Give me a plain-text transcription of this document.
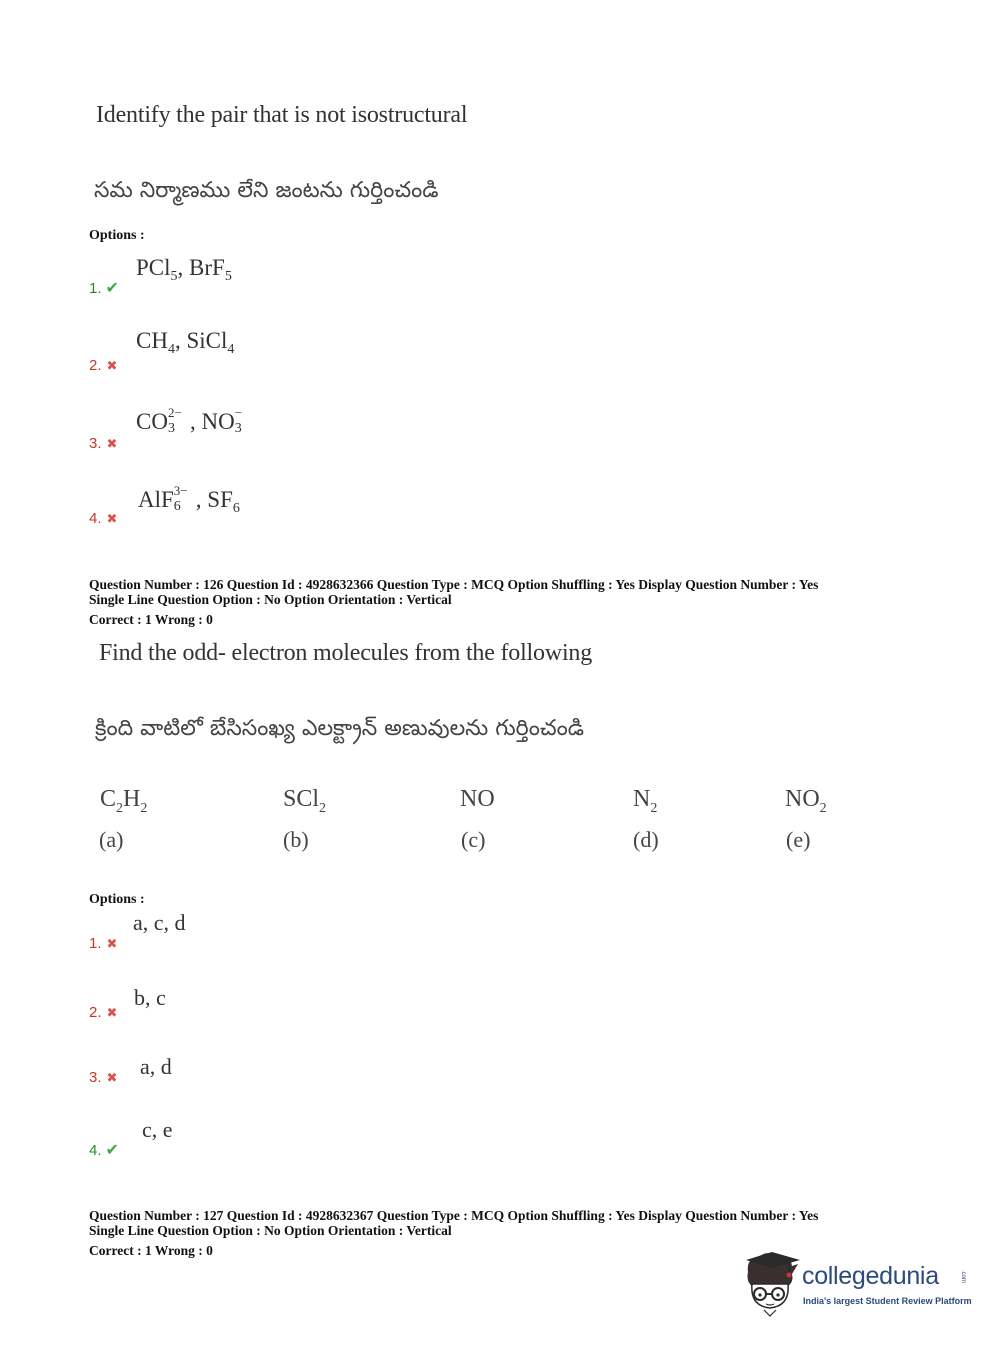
Identify the pair that is not isostructural
సమ నిర్మాణము లేని జంటను గుర్తించండి
Options :
1. ✔
PCl$_5$, BrF$_5$
2. ✖
$CH_4$, SiCl$_4$
3. ✖
CO 2−
3 , NO −
3
4. ✖
AlF 3−
6 , $SF_6$
Question Number : 126 Question Id : 4928632366 Question Type : MCQ Option Shuffling : Yes Display Question Number : Yes
Single Line Question Option : No Option Orientation : Vertical
Correct : 1 Wrong : 0
Find the odd- electron molecules from the following
క్రింది వాటిలో బేసిసంఖ్య ఎలక్ట్రాన్ అణువులను గుర్తించండి
$C_2H_2$
(a)
SCl$_2$
(b)
NO
(c)
$N_2$
(d)
$NO_2$
(e)
Options :
1. ✖
a, c, d
2. ✖
b, c
3. ✖ a, d
4. ✔
c, e
Question Number : 127 Question Id : 4928632367 Question Type : MCQ Option Shuffling : Yes Display Question Number : Yes
Single Line Question Option : No Option Orientation : Vertical
Correct : 1 Wrong : 0
collegedunia	.com
India's largest Student Review Platform
